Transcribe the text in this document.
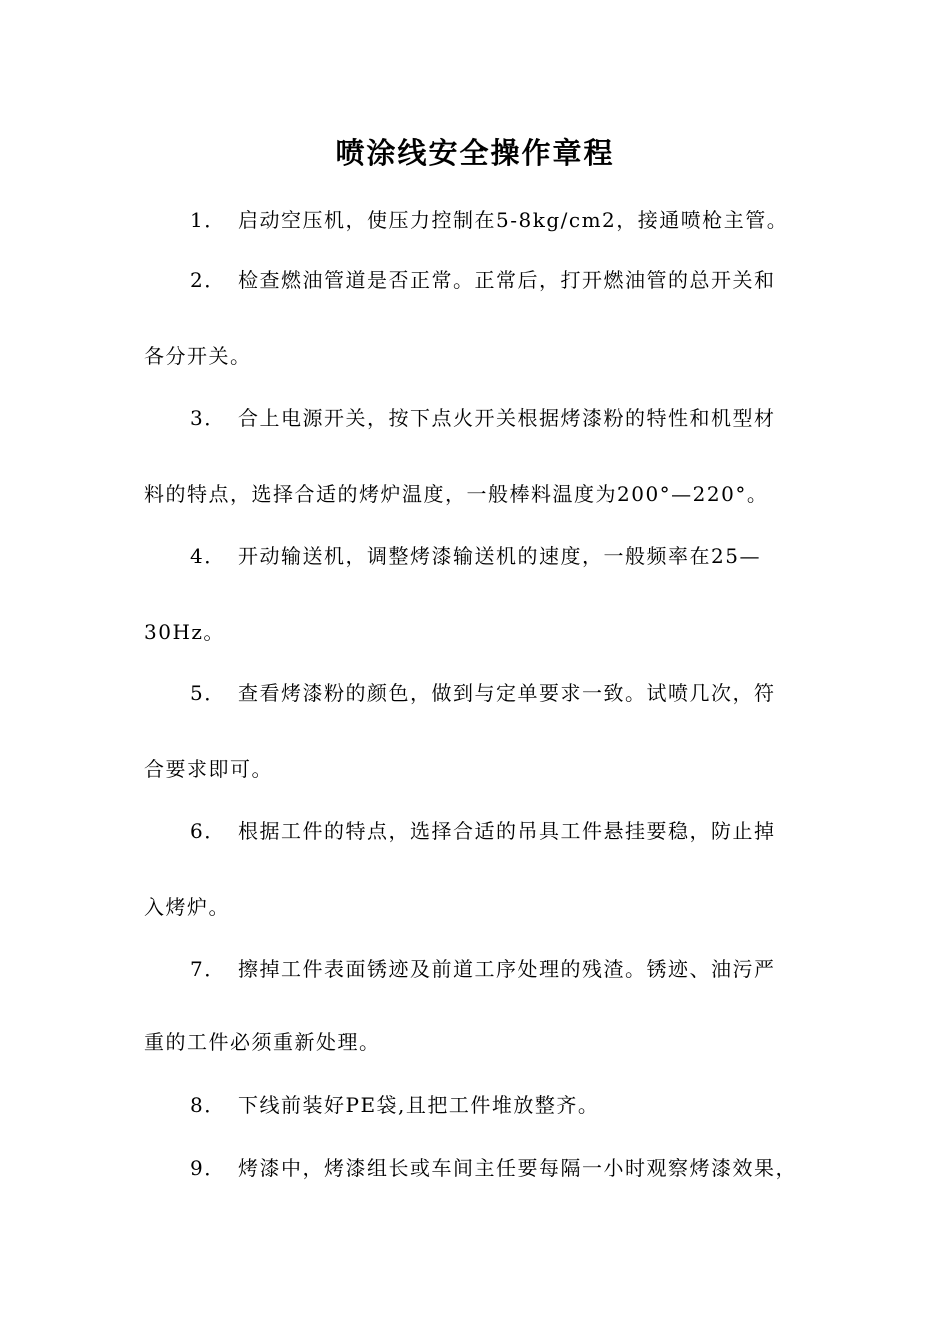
喷涂线安全操作章程
1． 启动空压机，使压力控制在5-8kg/cm2，接通喷枪主管。
2． 检查燃油管道是否正常。正常后，打开燃油管的总开关和
各分开关。
3． 合上电源开关，按下点火开关根据烤漆粉的特性和机型材
料的特点，选择合适的烤炉温度，一般棒料温度为200°—220°。
4． 开动输送机，调整烤漆输送机的速度，一般频率在25—
30Hz。
5． 查看烤漆粉的颜色，做到与定单要求一致。试喷几次，符
合要求即可。
6． 根据工件的特点，选择合适的吊具工件悬挂要稳，防止掉
入烤炉。
7． 擦掉工件表面锈迹及前道工序处理的残渣。锈迹、油污严
重的工件必须重新处理。
8． 下线前装好PE袋,且把工件堆放整齐。
9． 烤漆中，烤漆组长或车间主任要每隔一小时观察烤漆效果，
